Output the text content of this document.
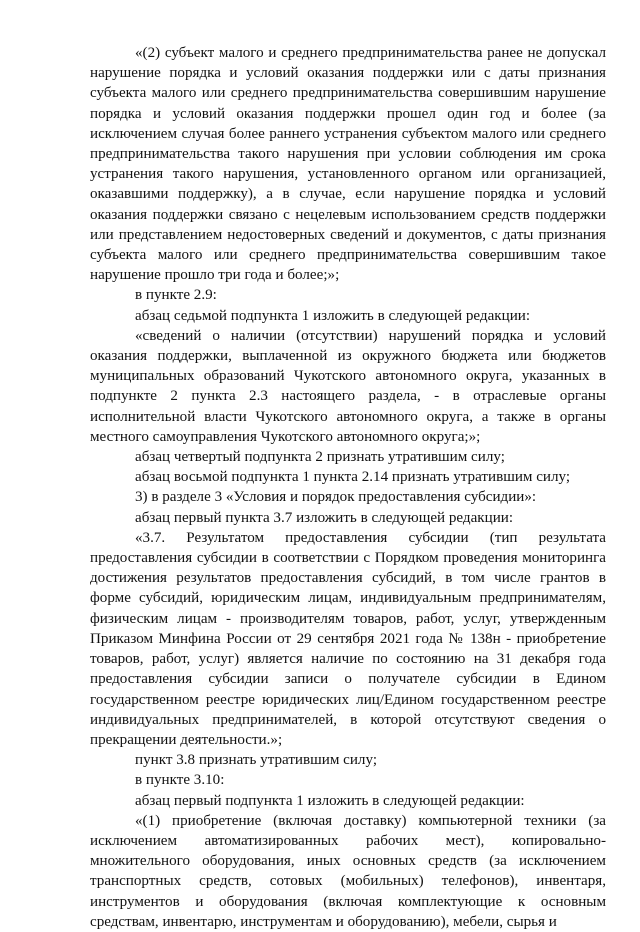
«(2) субъект малого и среднего предпринимательства ранее не допускал нарушение порядка и условий оказания поддержки или с даты признания субъекта малого или среднего предпринимательства совершившим нарушение порядка и условий оказания поддержки прошел один год и более (за исключением случая более раннего устранения субъектом малого или среднего предпринимательства такого нарушения при условии соблюдения им срока устранения такого нарушения, установленного органом или организацией, оказавшими поддержку), а в случае, если нарушение порядка и условий оказания поддержки связано с нецелевым использованием средств поддержки или представлением недостоверных сведений и документов, с даты признания субъекта малого или среднего предпринимательства совершившим такое нарушение прошло три года и более;»;

в пункте 2.9:

абзац седьмой подпункта 1 изложить в следующей редакции:

«сведений о наличии (отсутствии) нарушений порядка и условий оказания поддержки, выплаченной из окружного бюджета или бюджетов муниципальных образований Чукотского автономного округа, указанных в подпункте 2 пункта 2.3 настоящего раздела, - в отраслевые органы исполнительной власти Чукотского автономного округа, а также в органы местного самоуправления Чукотского автономного округа;»;

абзац четвертый подпункта 2 признать утратившим силу;

абзац восьмой подпункта 1 пункта 2.14 признать утратившим силу;

3) в разделе 3 «Условия и порядок предоставления субсидии»:

абзац первый пункта 3.7 изложить в следующей редакции:

«3.7. Результатом предоставления субсидии (тип результата предоставления субсидии в соответствии с Порядком проведения мониторинга достижения результатов предоставления субсидий, в том числе грантов в форме субсидий, юридическим лицам, индивидуальным предпринимателям, физическим лицам - производителям товаров, работ, услуг, утвержденным Приказом Минфина России от 29 сентября 2021 года № 138н - приобретение товаров, работ, услуг) является наличие по состоянию на 31 декабря года предоставления субсидии записи о получателе субсидии в Едином государственном реестре юридических лиц/Едином государственном реестре индивидуальных предпринимателей, в которой отсутствуют сведения о прекращении деятельности.»;

пункт 3.8 признать утратившим силу;

в пункте 3.10:

абзац первый подпункта 1 изложить в следующей редакции:

«(1) приобретение (включая доставку) компьютерной техники (за исключением автоматизированных рабочих мест), копировально-множительного оборудования, иных основных средств (за исключением транспортных средств, сотовых (мобильных) телефонов), инвентаря, инструментов и оборудования (включая комплектующие к основным средствам, инвентарю, инструментам и оборудованию), мебели, сырья и
